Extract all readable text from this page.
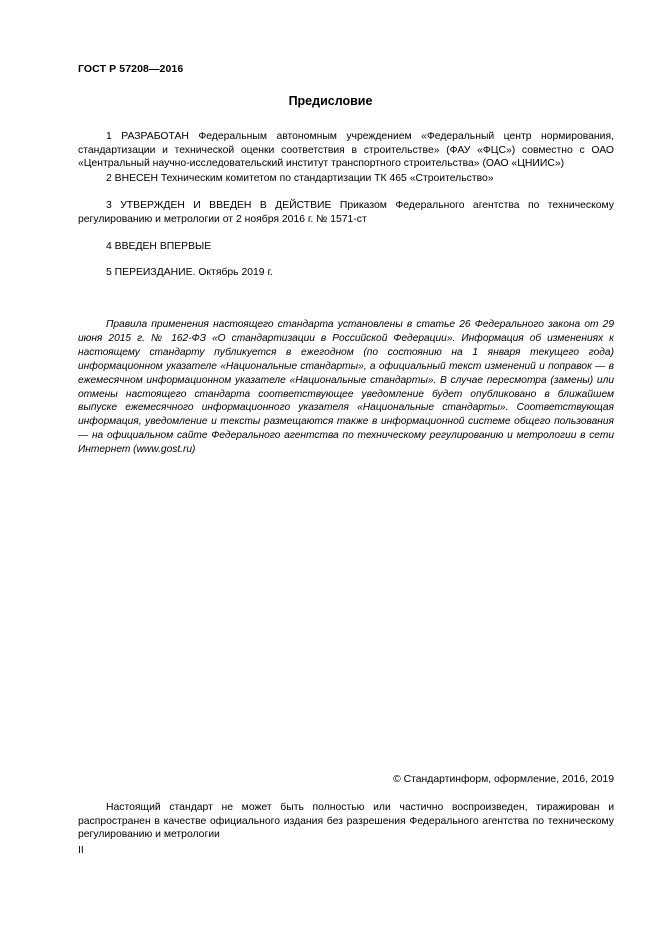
ГОСТ Р 57208—2016
Предисловие

1 РАЗРАБОТАН Федеральным автономным учреждением «Федеральный центр нормирования, стандартизации и технической оценки соответствия в строительстве» (ФАУ «ФЦС») совместно с ОАО «Центральный научно-исследовательский институт транспортного строительства» (ОАО «ЦНИИС»)

2 ВНЕСЕН Техническим комитетом по стандартизации ТК 465 «Строительство»

3 УТВЕРЖДЕН И ВВЕДЕН В ДЕЙСТВИЕ Приказом Федерального агентства по техническому регулированию и метрологии от 2 ноября 2016 г. № 1571-ст

4 ВВЕДЕН ВПЕРВЫЕ

5 ПЕРЕИЗДАНИЕ. Октябрь 2019 г.

Правила применения настоящего стандарта установлены в статье 26 Федерального закона от 29 июня 2015 г. № 162-ФЗ «О стандартизации в Российской Федерации». Информация об изменениях к настоящему стандарту публикуется в ежегодном (по состоянию на 1 января текущего года) информационном указателе «Национальные стандарты», а официальный текст изменений и поправок — в ежемесячном информационном указателе «Национальные стандарты». В случае пересмотра (замены) или отмены настоящего стандарта соответствующее уведомление будет опубликовано в ближайшем выпуске ежемесячного информационного указателя «Национальные стандарты». Соответствующая информация, уведомление и тексты размещаются также в информационной системе общего пользования — на официальном сайте Федерального агентства по техническому регулированию и метрологии в сети Интернет (www.gost.ru)

© Стандартинформ, оформление, 2016, 2019

Настоящий стандарт не может быть полностью или частично воспроизведен, тиражирован и распространен в качестве официального издания без разрешения Федерального агентства по техническому регулированию и метрологии

II
